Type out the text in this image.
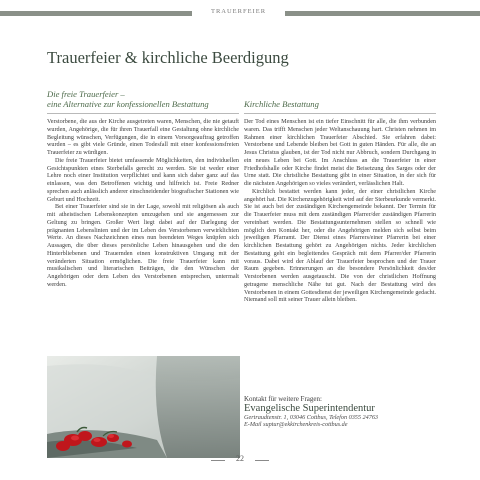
TRAUERFEIER
Trauerfeier & kirchliche Beerdigung

Die freie Trauerfeier –
eine Alternative zur konfessionellen Bestattung

Verstorbene, die aus der Kirche ausgetreten waren, Menschen, die nie getauft wurden, Angehörige, die für ihren Trauerfall eine Gestaltung ohne kirchliche Begleitung wünschen, Verfügungen, die in einem Vorsorgeauftrag getroffen wurden – es gibt viele Gründe, einen Todesfall mit einer konfessionsfreien Trauerfeier zu würdigen.

Die freie Trauerfeier bietet umfassende Möglichkeiten, den individuellen Gesichtspunkten eines Sterbefalls gerecht zu werden. Sie ist weder einer Lehre noch einer Institution verpflichtet und kann sich daher ganz auf das einlassen, was den Betroffenen wichtig und hilfreich ist. Freie Redner sprechen auch anlässlich anderer einschneidender biografischer Stationen wie Geburt und Hochzeit.

Bei einer Trauerfeier sind sie in der Lage, sowohl mit religiösen als auch mit atheistischen Lebenskonzepten umzugehen und sie angemessen zur Geltung zu bringen. Großer Wert liegt dabei auf der Darlegung der prägnanten Lebenslinien und der im Leben des Verstorbenen verwirklichten Werte. An dieses Nachzeichnen eines nun beendeten Weges knüpfen sich Aussagen, die über dieses persönliche Leben hinausgehen und die den Hinterbliebenen und Trauernden einen konstruktiven Umgang mit der veränderten Situation ermöglichen. Die freie Trauerfeier kann mit musikalischen und literarischen Beiträgen, die den Wünschen der Angehörigen oder dem Leben des Verstorbenen entsprechen, untermalt werden.

Kirchliche Bestattung

Der Tod eines Menschen ist ein tiefer Einschnitt für alle, die ihm verbunden waren. Das trifft Menschen jeder Weltanschauung hart. Christen nehmen im Rahmen einer kirchlichen Trauerfeier Abschied. Sie erfahren dabei: Verstorbene und Lebende bleiben bei Gott in guten Händen. Für alle, die an Jesus Christus glauben, ist der Tod nicht nur Abbruch, sondern Durchgang in ein neues Leben bei Gott. Im Anschluss an die Trauerfeier in einer Friedhofshalle oder Kirche findet meist die Beisetzung des Sarges oder der Urne statt. Die christliche Bestattung gibt in einer Situation, in der sich für die nächsten Angehörigen so vieles verändert, verlässlichen Halt.

Kirchlich bestattet werden kann jeder, der einer christlichen Kirche angehört hat. Die Kirchenzugehörigkeit wird auf der Sterbeurkunde vermerkt. Sie ist auch bei der zuständigen Kirchengemeinde bekannt. Der Termin für die Trauerfeier muss mit dem zuständigen Pfarrer/der zuständigen Pfarrerin vereinbart werden. Die Bestattungsunternehmen stellen so schnell wie möglich den Kontakt her, oder die Angehörigen melden sich selbst beim jeweiligen Pfarramt. Der Dienst eines Pfarrers/einer Pfarrerin bei einer kirchlichen Bestattung gehört zu Angehörigen nichts. Jeder kirchlichen Bestattung geht ein begleitendes Gespräch mit dem Pfarrer/der Pfarrerin voraus. Dabei wird der Ablauf der Trauerfeier besprochen und der Trauer Raum gegeben. Erinnerungen an die besondere Persönlichkeit des/der Verstorbenen werden ausgetauscht. Die von der christlichen Hoffnung getragene menschliche Nähe tut gut. Nach der Bestattung wird des Verstorbenen in einem Gottesdienst der jeweiligen Kirchengemeinde gedacht. Niemand soll mit seiner Trauer allein bleiben.

Kontakt für weitere Fragen:
Evangelische Superintendentur
Gertraudtenstr. 1, 03046 Cottbus, Telefon 0355 24763
E-Mail suptur@ekkirchenkreis-cottbus.de
22
